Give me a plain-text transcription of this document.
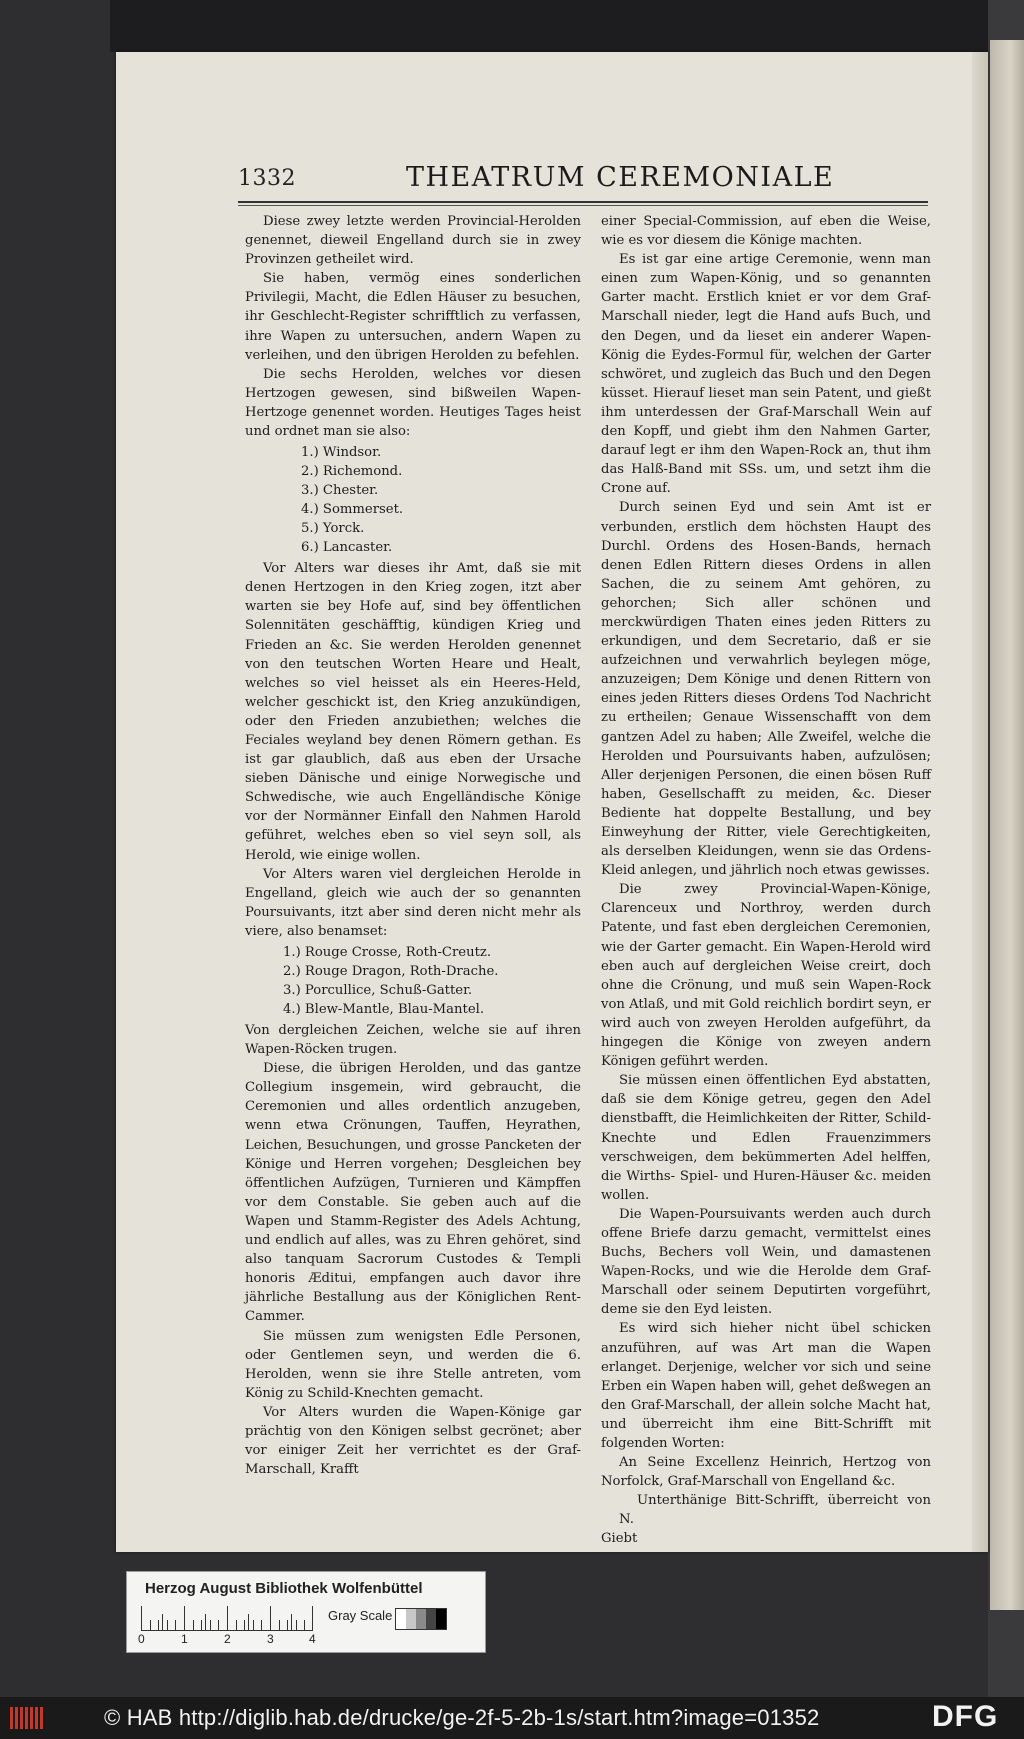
1332	THEATRUM CEREMONIALE

Diese zwey letzte werden Provincial-Herolden genennet, dieweil Engelland durch sie in zwey Provinzen getheilet wird.

Sie haben, vermög eines sonderlichen Privilegii, Macht, die Edlen Häuser zu besuchen, ihr Geschlecht-Register schrifftlich zu verfassen, ihre Wapen zu untersuchen, andern Wapen zu verleihen, und den übrigen Herolden zu befehlen.

Die sechs Herolden, welches vor diesen Hertzogen gewesen, sind bißweilen Wapen-Hertzoge genennet worden. Heutiges Tages heist und ordnet man sie also:

1.) Windsor.
2.) Richemond.
3.) Chester.
4.) Sommerset.
5.) Yorck.
6.) Lancaster.

Vor Alters war dieses ihr Amt, daß sie mit denen Hertzogen in den Krieg zogen, itzt aber warten sie bey Hofe auf, sind bey öffentlichen Solennitäten geschäfftig, kündigen Krieg und Frieden an &c. Sie werden Herolden genennet von den teutschen Worten Heare und Healt, welches so viel heisset als ein Heeres-Held, welcher geschickt ist, den Krieg anzukündigen, oder den Frieden anzubiethen; welches die Feciales weyland bey denen Römern gethan. Es ist gar glaublich, daß aus eben der Ursache sieben Dänische und einige Norwegische und Schwedische, wie auch Engelländische Könige vor der Normänner Einfall den Nahmen Harold geführet, welches eben so viel seyn soll, als Herold, wie einige wollen.

Vor Alters waren viel dergleichen Herolde in Engelland, gleich wie auch der so genannten Poursuivants, itzt aber sind deren nicht mehr als viere, also benamset:

1.) Rouge Crosse, Roth-Creutz.
2.) Rouge Dragon, Roth-Drache.
3.) Porcullice, Schuß-Gatter.
4.) Blew-Mantle, Blau-Mantel.

Von dergleichen Zeichen, welche sie auf ihren Wapen-Röcken trugen.

Diese, die übrigen Herolden, und das gantze Collegium insgemein, wird gebraucht, die Ceremonien und alles ordentlich anzugeben, wenn etwa Crönungen, Tauffen, Heyrathen, Leichen, Besuchungen, und grosse Pancketen der Könige und Herren vorgehen; Desgleichen bey öffentlichen Aufzügen, Turnieren und Kämpffen vor dem Constable. Sie geben auch auf die Wapen und Stamm-Register des Adels Achtung, und endlich auf alles, was zu Ehren gehöret, sind also tanquam Sacrorum Custodes & Templi honoris Æditui, empfangen auch davor ihre jährliche Bestallung aus der Königlichen Rent-Cammer.

Sie müssen zum wenigsten Edle Personen, oder Gentlemen seyn, und werden die 6. Herolden, wenn sie ihre Stelle antreten, vom König zu Schild-Knechten gemacht.

Vor Alters wurden die Wapen-Könige gar prächtig von den Königen selbst gecrönet; aber vor einiger Zeit her verrichtet es der Graf-Marschall, Krafft

einer Special-Commission, auf eben die Weise, wie es vor diesem die Könige machten.

Es ist gar eine artige Ceremonie, wenn man einen zum Wapen-König, und so genannten Garter macht. Erstlich kniet er vor dem Graf-Marschall nieder, legt die Hand aufs Buch, und den Degen, und da lieset ein anderer Wapen-König die Eydes-Formul für, welchen der Garter schwöret, und zugleich das Buch und den Degen küsset. Hierauf lieset man sein Patent, und gießt ihm unterdessen der Graf-Marschall Wein auf den Kopff, und giebt ihm den Nahmen Garter, darauf legt er ihm den Wapen-Rock an, thut ihm das Halß-Band mit SSs. um, und setzt ihm die Crone auf.

Durch seinen Eyd und sein Amt ist er verbunden, erstlich dem höchsten Haupt des Durchl. Ordens des Hosen-Bands, hernach denen Edlen Rittern dieses Ordens in allen Sachen, die zu seinem Amt gehören, zu gehorchen; Sich aller schönen und merckwürdigen Thaten eines jeden Ritters zu erkundigen, und dem Secretario, daß er sie aufzeichnen und verwahrlich beylegen möge, anzuzeigen; Dem Könige und denen Rittern von eines jeden Ritters dieses Ordens Tod Nachricht zu ertheilen; Genaue Wissenschafft von dem gantzen Adel zu haben; Alle Zweifel, welche die Herolden und Poursuivants haben, aufzulösen; Aller derjenigen Personen, die einen bösen Ruff haben, Gesellschafft zu meiden, &c. Dieser Bediente hat doppelte Bestallung, und bey Einweyhung der Ritter, viele Gerechtigkeiten, als derselben Kleidungen, wenn sie das Ordens-Kleid anlegen, und jährlich noch etwas gewisses.

Die zwey Provincial-Wapen-Könige, Clarenceux und Northroy, werden durch Patente, und fast eben dergleichen Ceremonien, wie der Garter gemacht. Ein Wapen-Herold wird eben auch auf dergleichen Weise creirt, doch ohne die Crönung, und muß sein Wapen-Rock von Atlaß, und mit Gold reichlich bordirt seyn, er wird auch von zweyen Herolden aufgeführt, da hingegen die Könige von zweyen andern Königen geführt werden.

Sie müssen einen öffentlichen Eyd abstatten, daß sie dem Könige getreu, gegen den Adel dienstbafft, die Heimlichkeiten der Ritter, Schild-Knechte und Edlen Frauenzimmers verschweigen, dem bekümmerten Adel helffen, die Wirths- Spiel- und Huren-Häuser &c. meiden wollen.

Die Wapen-Poursuivants werden auch durch offene Briefe darzu gemacht, vermittelst eines Buchs, Bechers voll Wein, und damastenen Wapen-Rocks, und wie die Herolde dem Graf-Marschall oder seinem Deputirten vorgeführt, deme sie den Eyd leisten.

Es wird sich hieher nicht übel schicken anzuführen, auf was Art man die Wapen erlanget. Derjenige, welcher vor sich und seine Erben ein Wapen haben will, gehet deßwegen an den Graf-Marschall, der allein solche Macht hat, und überreicht ihm eine Bitt-Schrifft mit folgenden Worten:

An Seine Excellenz Heinrich, Hertzog von Norfolck, Graf-Marschall von Engelland &c.

Unterthänige Bitt-Schrifft, überreicht von N.

Giebt

Herzog August Bibliothek Wolfenbüttel
0	1	2	3	4
Gray Scale
© HAB http://diglib.hab.de/drucke/ge-2f-5-2b-1s/start.htm?image=01352	DFG
